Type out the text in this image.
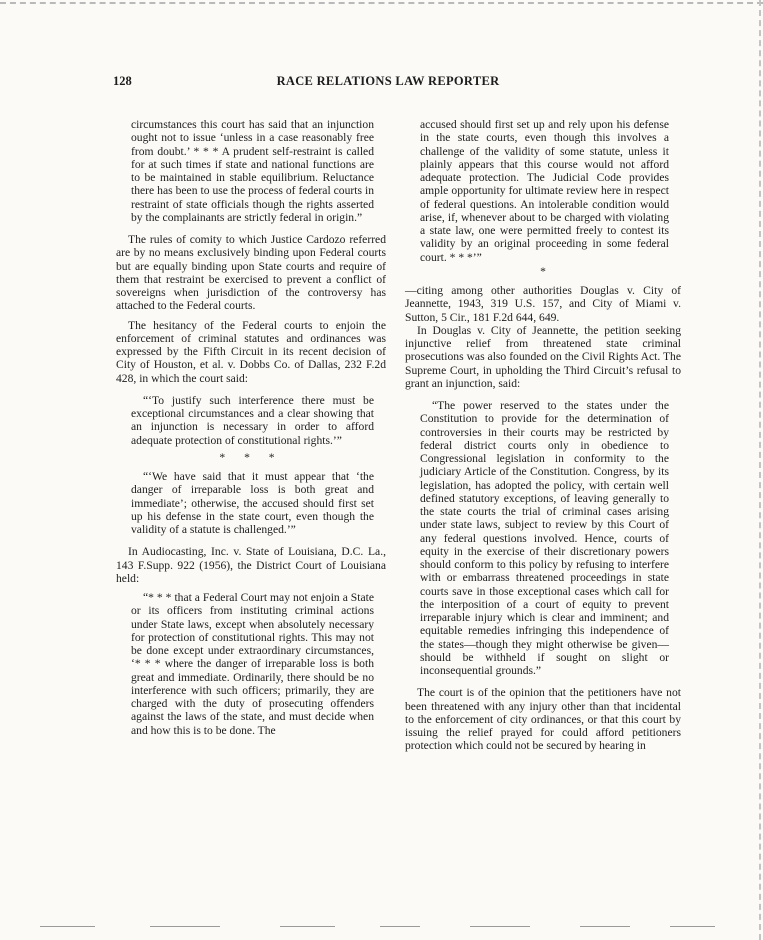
128	RACE RELATIONS LAW REPORTER

circumstances this court has said that an injunction ought not to issue ‘unless in a case reasonably free from doubt.’ * * * A prudent self-restraint is called for at such times if state and national functions are to be maintained in stable equilibrium. Reluctance there has been to use the process of federal courts in restraint of state officials though the rights asserted by the complainants are strictly federal in origin.”

The rules of comity to which Justice Cardozo referred are by no means exclusively binding upon Federal courts but are equally binding upon State courts and require of them that restraint be exercised to prevent a conflict of sovereigns when jurisdiction of the controversy has attached to the Federal courts.

The hesitancy of the Federal courts to enjoin the enforcement of criminal statutes and ordinances was expressed by the Fifth Circuit in its recent decision of City of Houston, et al. v. Dobbs Co. of Dallas, 232 F.2d 428, in which the court said:

“‘To justify such interference there must be exceptional circumstances and a clear showing that an injunction is necessary in order to afford adequate protection of constitutional rights.’”

* * *

“‘We have said that it must appear that ‘the danger of irreparable loss is both great and immediate’; otherwise, the accused should first set up his defense in the state court, even though the validity of a statute is challenged.’”

In Audiocasting, Inc. v. State of Louisiana, D.C. La., 143 F.Supp. 922 (1956), the District Court of Louisiana held:

“* * * that a Federal Court may not enjoin a State or its officers from instituting criminal actions under State laws, except when absolutely necessary for protection of constitutional rights. This may not be done except under extraordinary circumstances, ‘* * * where the danger of irreparable loss is both great and immediate. Ordinarily, there should be no interference with such officers; primarily, they are charged with the duty of prosecuting offenders against the laws of the state, and must decide when and how this is to be done. The

accused should first set up and rely upon his defense in the state courts, even though this involves a challenge of the validity of some statute, unless it plainly appears that this course would not afford adequate protection. The Judicial Code provides ample opportunity for ultimate review here in respect of federal questions. An intolerable condition would arise, if, whenever about to be charged with violating a state law, one were permitted freely to contest its validity by an original proceeding in some federal court. * * *’”

*

—citing among other authorities Douglas v. City of Jeannette, 1943, 319 U.S. 157, and City of Miami v. Sutton, 5 Cir., 181 F.2d 644, 649.

In Douglas v. City of Jeannette, the petition seeking injunctive relief from threatened state criminal prosecutions was also founded on the Civil Rights Act. The Supreme Court, in upholding the Third Circuit’s refusal to grant an injunction, said:

“The power reserved to the states under the Constitution to provide for the determination of controversies in their courts may be restricted by federal district courts only in obedience to Congressional legislation in conformity to the judiciary Article of the Constitution. Congress, by its legislation, has adopted the policy, with certain well defined statutory exceptions, of leaving generally to the state courts the trial of criminal cases arising under state laws, subject to review by this Court of any federal questions involved. Hence, courts of equity in the exercise of their discretionary powers should conform to this policy by refusing to interfere with or embarrass threatened proceedings in state courts save in those exceptional cases which call for the interposition of a court of equity to prevent irreparable injury which is clear and imminent; and equitable remedies infringing this independence of the states—though they might otherwise be given—should be withheld if sought on slight or inconsequential grounds.”

The court is of the opinion that the petitioners have not been threatened with any injury other than that incidental to the enforcement of city ordinances, or that this court by issuing the relief prayed for could afford petitioners protection which could not be secured by hearing in
